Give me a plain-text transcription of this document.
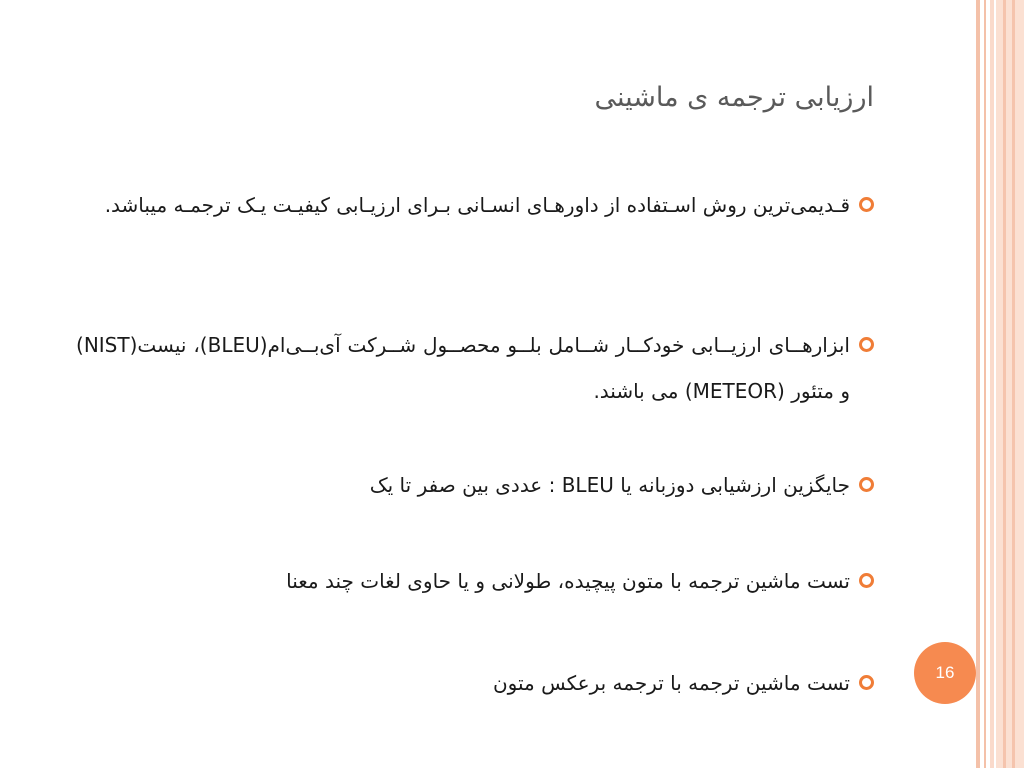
ارزیابی ترجمه ی ماشینی
قـدیمی‌ترین روش اسـتفاده از داورهـای انسـانی بـرای ارزیـابی کیفیـت یـک ترجمـه میباشد.
ابزارهــای ارزیــابی خودکــار شــامل بلــو محصــول شــرکت آی‌بــی‌ام(BLEU)، نیست(NIST) و متئور (METEOR) می باشند.
جایگزین ارزشیابی دوزبانه یا BLEU : عددی بین صفر تا یک
تست ماشین ترجمه با متون پیچیده، طولانی و یا حاوی لغات چند معنا
تست ماشین ترجمه با ترجمه برعکس متون	16
